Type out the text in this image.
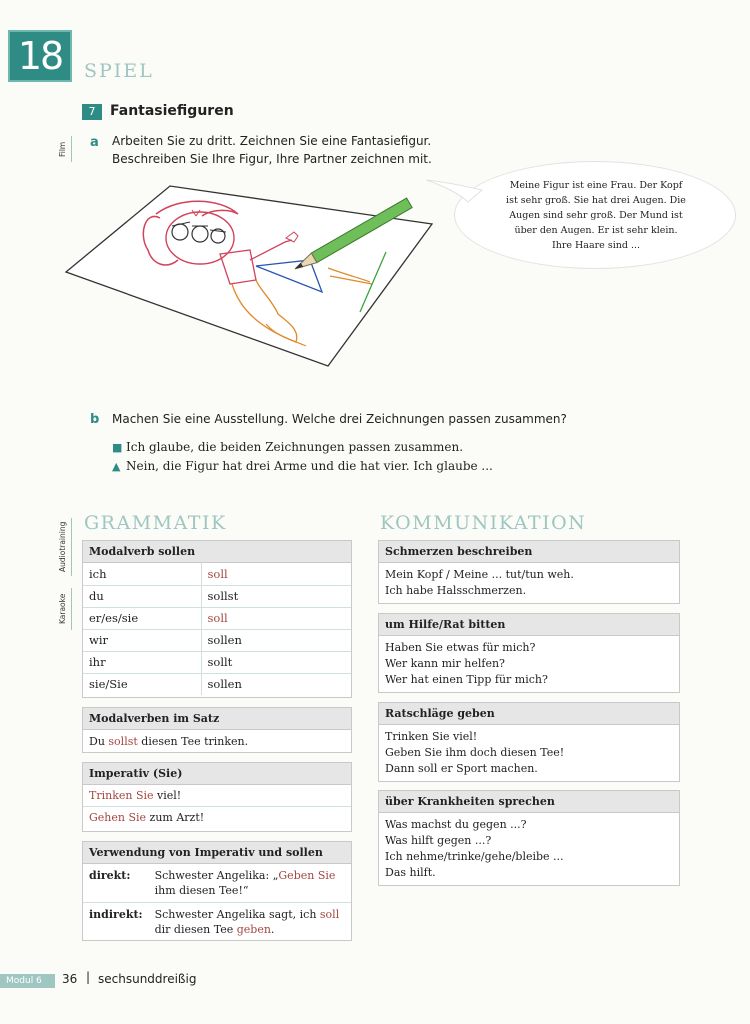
18	SPIEL
Film
Audiotraining
Karaoke
7	Fantasiefiguren
a Arbeiten Sie zu dritt. Zeichnen Sie eine Fantasiefigur.
Beschreiben Sie Ihre Figur, Ihre Partner zeichnen mit.
Meine Figur ist eine Frau. Der Kopf
ist sehr groß. Sie hat drei Augen. Die
Augen sind sehr groß. Der Mund ist
über den Augen. Er ist sehr klein.
Ihre Haare sind ...
b Machen Sie eine Ausstellung. Welche drei Zeichnungen passen zusammen?
■ Ich glaube, die beiden Zeichnungen passen zusammen.
▲ Nein, die Figur hat drei Arme und die hat vier. Ich glaube ...
GRAMMATIK
Modalverb sollen
ich	soll
du	sollst
er/es/sie	soll
wir	sollen
ihr	sollt
sie/Sie	sollen
Modalverben im Satz
Du sollst diesen Tee trinken.
Imperativ (Sie)
Trinken Sie viel!
Gehen Sie zum Arzt!
Verwendung von Imperativ und sollen
direkt:	Schwester Angelika: „Geben Sie
ihm diesen Tee!“
indirekt:	Schwester Angelika sagt, ich soll
dir diesen Tee geben.
KOMMUNIKATION
Schmerzen beschreiben
Mein Kopf / Meine ... tut/tun weh.
Ich habe Halsschmerzen.
um Hilfe/Rat bitten
Haben Sie etwas für mich?
Wer kann mir helfen?
Wer hat einen Tipp für mich?
Ratschläge geben
Trinken Sie viel!
Geben Sie ihm doch diesen Tee!
Dann soll er Sport machen.
über Krankheiten sprechen
Was machst du gegen ...?
Was hilft gegen ...?
Ich nehme/trinke/gehe/bleibe ...
Das hilft.
Modul 6	36 | sechsunddreißig
